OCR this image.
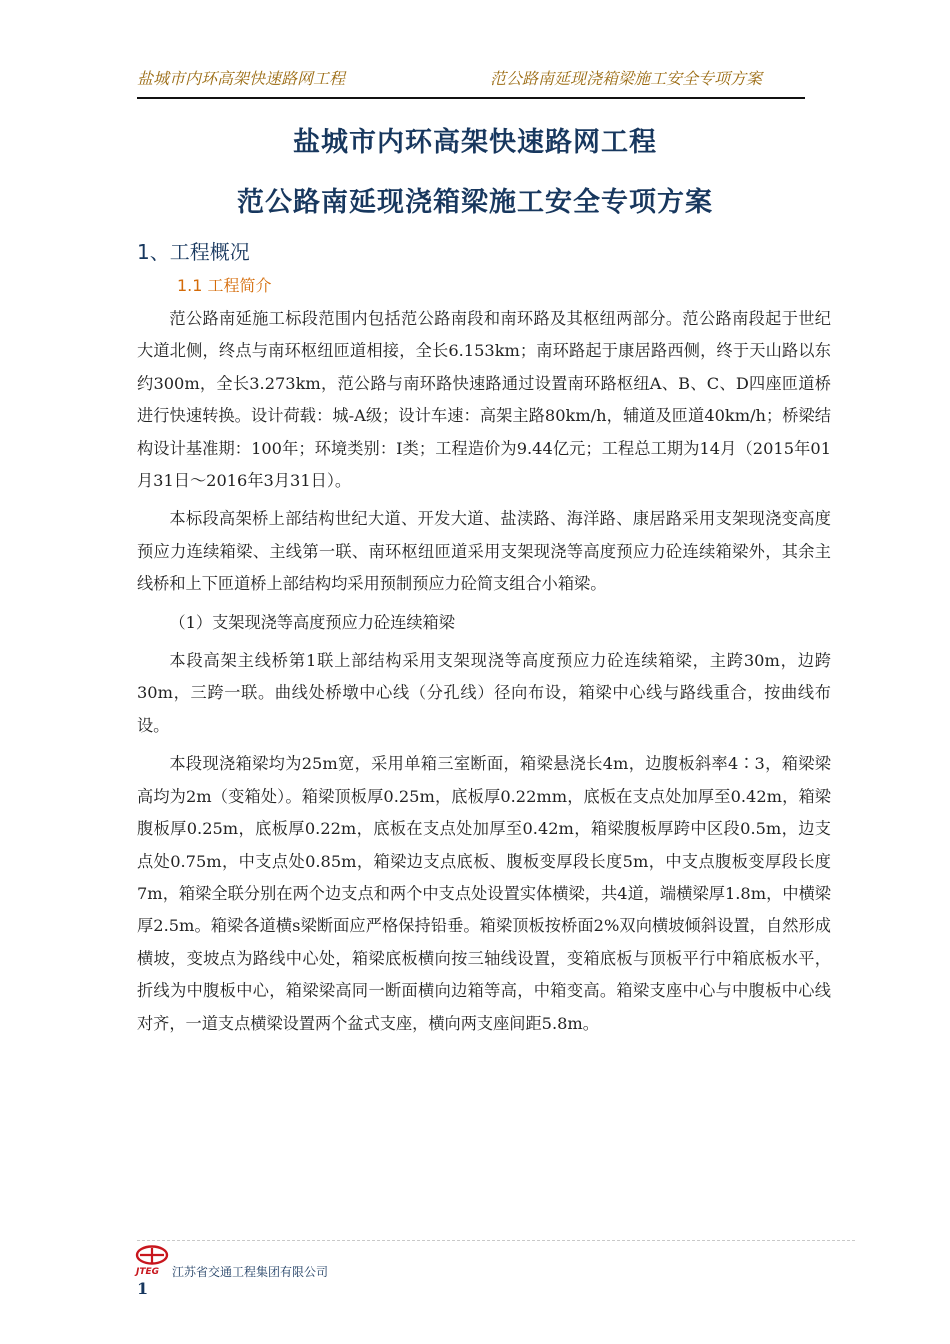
盐城市内环高架快速路网工程	范公路南延现浇箱梁施工安全专项方案
盐城市内环高架快速路网工程
范公路南延现浇箱梁施工安全专项方案
1、工程概况
1.1 工程简介

范公路南延施工标段范围内包括范公路南段和南环路及其枢纽两部分。范公路南段起于世纪大道北侧，终点与南环枢纽匝道相接，全长6.153km；南环路起于康居路西侧，终于天山路以东约300m，全长3.273km，范公路与南环路快速路通过设置南环路枢纽A、B、C、D四座匝道桥进行快速转换。设计荷载：城-A级；设计车速：高架主路80km/h，辅道及匝道40km/h；桥梁结构设计基准期：100年；环境类别：Ⅰ类；工程造价为9.44亿元；工程总工期为14月（2015年01月31日～2016年3月31日）。

本标段高架桥上部结构世纪大道、开发大道、盐渎路、海洋路、康居路采用支架现浇变高度预应力连续箱梁、主线第一联、南环枢纽匝道采用支架现浇等高度预应力砼连续箱梁外，其余主线桥和上下匝道桥上部结构均采用预制预应力砼简支组合小箱梁。

（1）支架现浇等高度预应力砼连续箱梁

本段高架主线桥第1联上部结构采用支架现浇等高度预应力砼连续箱梁，主跨30m，边跨30m，三跨一联。曲线处桥墩中心线（分孔线）径向布设，箱梁中心线与路线重合，按曲线布设。

本段现浇箱梁均为25m宽，采用单箱三室断面，箱梁悬浇长4m，边腹板斜率4∶3，箱梁梁高均为2m（变箱处）。箱梁顶板厚0.25m，底板厚0.22mm，底板在支点处加厚至0.42m，箱梁腹板厚0.25m，底板厚0.22m，底板在支点处加厚至0.42m，箱梁腹板厚跨中区段0.5m，边支点处0.75m，中支点处0.85m，箱梁边支点底板、腹板变厚段长度5m，中支点腹板变厚段长度7m，箱梁全联分别在两个边支点和两个中支点处设置实体横梁，共4道，端横梁厚1.8m，中横梁厚2.5m。箱梁各道横s梁断面应严格保持铅垂。箱梁顶板按桥面2%双向横坡倾斜设置，自然形成横坡，变坡点为路线中心处，箱梁底板横向按三轴线设置，变箱底板与顶板平行中箱底板水平，折线为中腹板中心，箱梁梁高同一断面横向边箱等高，中箱变高。箱梁支座中心与中腹板中心线对齐，一道支点横梁设置两个盆式支座，横向两支座间距5.8m。

JTEG 江苏省交通工程集团有限公司
1
